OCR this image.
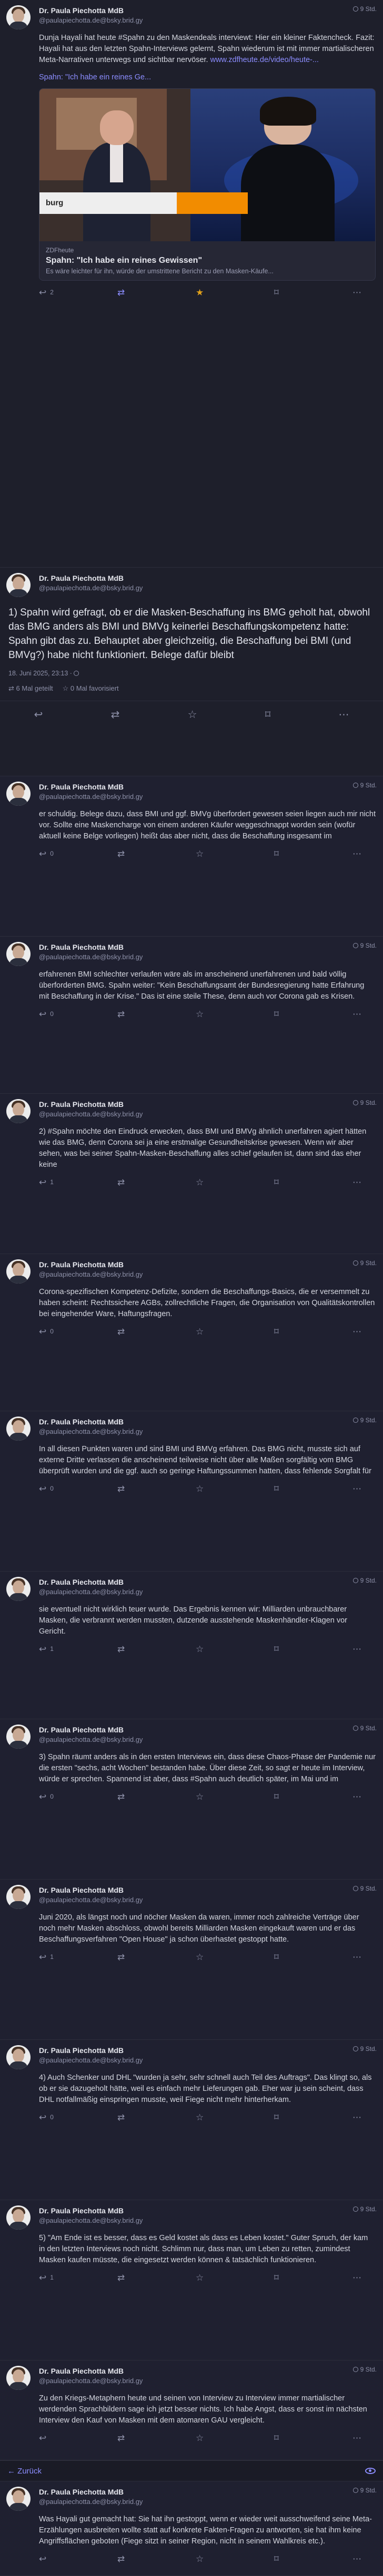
Dr. Paula Piechotta MdB
@paulapiechotta.de@bsky.brid.gy
9 Std.
Dunja Hayali hat heute #Spahn zu den Maskendeals interviewt: Hier ein kleiner Faktencheck. Fazit: Hayali hat aus den letzten Spahn-Interviews gelernt, Spahn wiederum ist mit immer martialischeren Meta-Narrativen unterwegs und sichtbar nervöser. www.zdfheute.de/video/heute-...
Spahn: "Ich habe ein reines Ge...
burg
ZDFheute
Spahn: "Ich habe ein reines Gewissen"
Es wäre leichter für ihn, würde der umstrittene Bericht zu den Masken-Käufe...
↩ 2	⇄	★	⌑	⋯
Dr. Paula Piechotta MdB
@paulapiechotta.de@bsky.brid.gy
1) Spahn wird gefragt, ob er die Masken-Beschaffung ins BMG geholt hat, obwohl das BMG anders als BMI und BMVg keinerlei Beschaffungskompetenz hatte: Spahn gibt das zu. Behauptet aber gleichzeitig, die Beschaffung bei BMI (und BMVg?) habe nicht funktioniert. Belege dafür bleibt
18. Juni 2025, 23:13 ·
⇄ 6 Mal geteilt ☆ 0 Mal favorisiert
↩	⇄	☆	⌑	⋯
Dr. Paula Piechotta MdB
@paulapiechotta.de@bsky.brid.gy
9 Std.
er schuldig. Belege dazu, dass BMI und ggf. BMVg überfordert gewesen seien liegen auch mir nicht vor. Sollte eine Maskencharge von einem anderen Käufer weggeschnappt worden sein (wofür aktuell keine Belge vorliegen) heißt das aber nicht, dass die Beschaffung insgesamt im
↩ 0	⇄	☆	⌑	⋯
Dr. Paula Piechotta MdB
@paulapiechotta.de@bsky.brid.gy
9 Std.
erfahrenen BMI schlechter verlaufen wäre als im anscheinend unerfahrenen und bald völlig überforderten BMG. Spahn weiter: "Kein Beschaffungsamt der Bundesregierung hatte Erfahrung mit Beschaffung in der Krise." Das ist eine steile These, denn auch vor Corona gab es Krisen.
↩ 0	⇄	☆	⌑	⋯
Dr. Paula Piechotta MdB
@paulapiechotta.de@bsky.brid.gy
9 Std.
2) #Spahn möchte den Eindruck erwecken, dass BMI und BMVg ähnlich unerfahren agiert hätten wie das BMG, denn Corona sei ja eine erstmalige Gesundheitskrise gewesen. Wenn wir aber sehen, was bei seiner Spahn-Masken-Beschaffung alles schief gelaufen ist, dann sind das eher keine
↩ 1	⇄	☆	⌑	⋯
Dr. Paula Piechotta MdB
@paulapiechotta.de@bsky.brid.gy
9 Std.
Corona-spezifischen Kompetenz-Defizite, sondern die Beschaffungs-Basics, die er versemmelt zu haben scheint: Rechtssichere AGBs, zollrechtliche Fragen, die Organisation von Qualitätskontrollen bei eingehender Ware, Haftungsfragen.
↩ 0	⇄	☆	⌑	⋯
Dr. Paula Piechotta MdB
@paulapiechotta.de@bsky.brid.gy
9 Std.
In all diesen Punkten waren und sind BMI und BMVg erfahren. Das BMG nicht, musste sich auf externe Dritte verlassen die anscheinend teilweise nicht über alle Maßen sorgfältig vom BMG überprüft wurden und die ggf. auch so geringe Haftungssummen hatten, dass fehlende Sorgfalt für
↩ 0	⇄	☆	⌑	⋯
Dr. Paula Piechotta MdB
@paulapiechotta.de@bsky.brid.gy
9 Std.
sie eventuell nicht wirklich teuer wurde. Das Ergebnis kennen wir: Milliarden unbrauchbarer Masken, die verbrannt werden mussten, dutzende ausstehende Maskenhändler-Klagen vor Gericht.
↩ 1	⇄	☆	⌑	⋯
Dr. Paula Piechotta MdB
@paulapiechotta.de@bsky.brid.gy
9 Std.
3) Spahn räumt anders als in den ersten Interviews ein, dass diese Chaos-Phase der Pandemie nur die ersten "sechs, acht Wochen" bestanden habe. Über diese Zeit, so sagt er heute im Interview, würde er sprechen. Spannend ist aber, dass #Spahn auch deutlich später, im Mai und im
↩ 0	⇄	☆	⌑	⋯
Dr. Paula Piechotta MdB
@paulapiechotta.de@bsky.brid.gy
9 Std.
Juni 2020, als längst noch und nöcher Masken da waren, immer noch zahlreiche Verträge über noch mehr Masken abschloss, obwohl bereits Milliarden Masken eingekauft waren und er das Beschaffungsverfahren "Open House" ja schon überhastet gestoppt hatte.
↩ 1	⇄	☆	⌑	⋯
Dr. Paula Piechotta MdB
@paulapiechotta.de@bsky.brid.gy
9 Std.
4) Auch Schenker und DHL "wurden ja sehr, sehr schnell auch Teil des Auftrags". Das klingt so, als ob er sie dazugeholt hätte, weil es einfach mehr Lieferungen gab. Eher war ju sein scheint, dass DHL notfallmäßig einspringen musste, weil Fiege nicht mehr hinterherkam.
↩ 0	⇄	☆	⌑	⋯
Dr. Paula Piechotta MdB
@paulapiechotta.de@bsky.brid.gy
9 Std.
5) "Am Ende ist es besser, dass es Geld kostet als dass es Leben kostet." Guter Spruch, der kam in den letzten Interviews noch nicht. Schlimm nur, dass man, um Leben zu retten, zumindest Masken kaufen müsste, die eingesetzt werden können & tatsächlich funktionieren.
↩ 1	⇄	☆	⌑	⋯
Dr. Paula Piechotta MdB
@paulapiechotta.de@bsky.brid.gy
9 Std.
Zu den Kriegs-Metaphern heute und seinen von Interview zu Interview immer martialischer werdenden Sprachbildern sage ich jetzt besser nichts. Ich habe Angst, dass er sonst im nächsten Interview den Kauf von Masken mit dem atomaren GAU vergleicht.
↩	⇄	☆	⌑	⋯
← Zurück
Dr. Paula Piechotta MdB
@paulapiechotta.de@bsky.brid.gy
9 Std.
Was Hayali gut gemacht hat: Sie hat ihn gestoppt, wenn er wieder weit ausschweifend seine Meta-Erzählungen ausbreiten wollte statt auf konkrete Fakten-Fragen zu antworten, sie hat ihm keine Angriffsflächen geboten (Fiege sitzt in seiner Region, nicht in seinem Wahlkreis etc.).
↩	⇄	☆	⌑	⋯
